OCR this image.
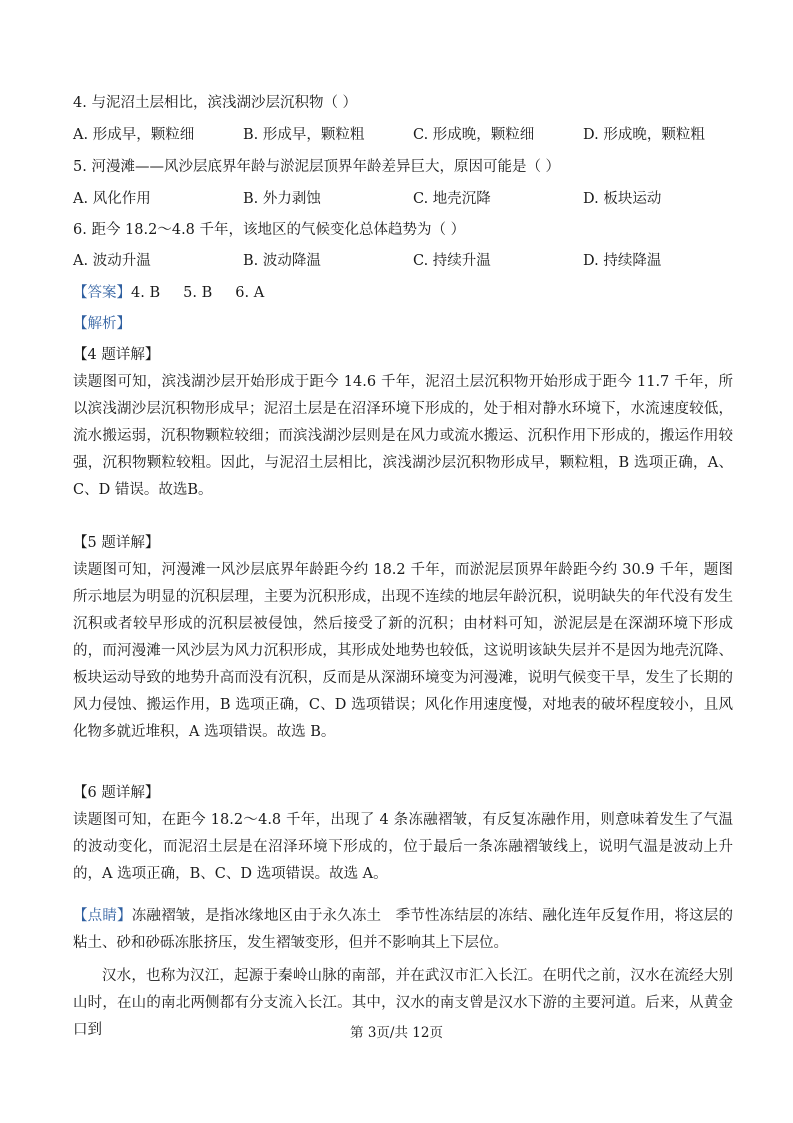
4. 与泥沼土层相比，滨浅湖沙层沉积物（ ）
A. 形成早，颗粒细	B. 形成早，颗粒粗	C. 形成晚，颗粒细	D. 形成晚，颗粒粗
5. 河漫滩——风沙层底界年龄与淤泥层顶界年龄差异巨大，原因可能是（ ）
A. 风化作用	B. 外力剥蚀	C. 地壳沉降	D. 板块运动
6. 距今 18.2～4.8 千年，该地区的气候变化总体趋势为（ ）
A. 波动升温	B. 波动降温	C. 持续升温	D. 持续降温
【答案】4. B     5. B     6. A
【解析】
【4 题详解】
读题图可知，滨浅湖沙层开始形成于距今 14.6 千年，泥沼土层沉积物开始形成于距今 11.7 千年，所以滨浅湖沙层沉积物形成早；泥沼土层是在沼泽环境下形成的，处于相对静水环境下，水流速度较低，流水搬运弱，沉积物颗粒较细；而滨浅湖沙层则是在风力或流水搬运、沉积作用下形成的，搬运作用较强，沉积物颗粒较粗。因此，与泥沼土层相比，滨浅湖沙层沉积物形成早，颗粒粗，B 选项正确，A、C、D 错误。故选B。
【5 题详解】
读题图可知，河漫滩一风沙层底界年龄距今约 18.2 千年，而淤泥层顶界年龄距今约 30.9 千年，题图所示地层为明显的沉积层理，主要为沉积形成，出现不连续的地层年龄沉积，说明缺失的年代没有发生沉积或者较早形成的沉积层被侵蚀，然后接受了新的沉积；由材料可知，淤泥层是在深湖环境下形成的，而河漫滩一风沙层为风力沉积形成，其形成处地势也较低，这说明该缺失层并不是因为地壳沉降、板块运动导致的地势升高而没有沉积，反而是从深湖环境变为河漫滩，说明气候变干旱，发生了长期的风力侵蚀、搬运作用，B 选项正确，C、D 选项错误；风化作用速度慢，对地表的破坏程度较小，且风化物多就近堆积，A 选项错误。故选 B。
【6 题详解】
读题图可知，在距今 18.2～4.8 千年，出现了 4 条冻融褶皱，有反复冻融作用，则意味着发生了气温的波动变化，而泥沼土层是在沼泽环境下形成的，位于最后一条冻融褶皱线上，说明气温是波动上升的，A 选项正确，B、C、D 选项错误。故选 A。
【点睛】冻融褶皱，是指冰缘地区由于永久冻土   季节性冻结层的冻结、融化连年反复作用，将这层的粘土、砂和砂砾冻胀挤压，发生褶皱变形，但并不影响其上下层位。
汉水，也称为汉江，起源于秦岭山脉的南部，并在武汉市汇入长江。在明代之前，汉水在流经大别山时，在山的南北两侧都有分支流入长江。其中，汉水的南支曾是汉水下游的主要河道。后来，从黄金口到	第 3页/共 12页
